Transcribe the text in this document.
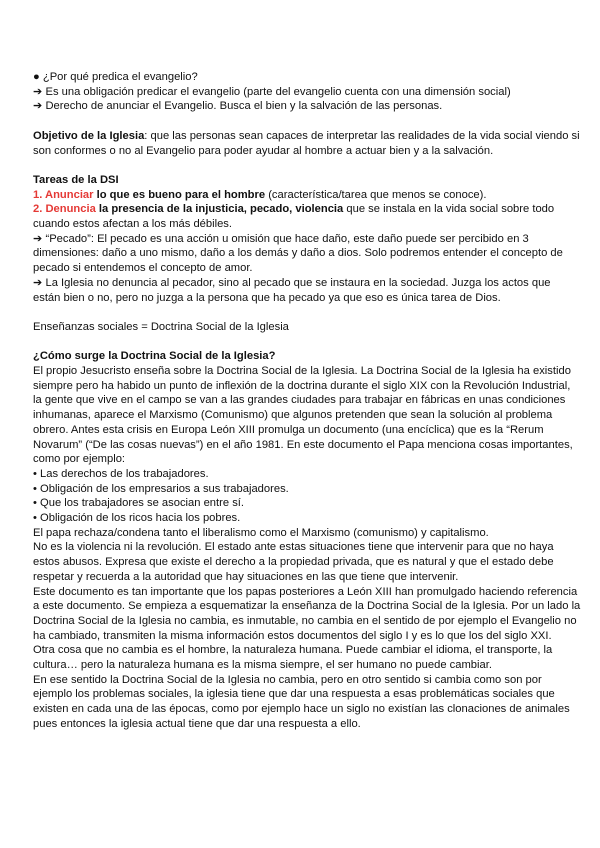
● ¿Por qué predica el evangelio?
➔ Es una obligación predicar el evangelio (parte del evangelio cuenta con una dimensión social)
➔ Derecho de anunciar el Evangelio. Busca el bien y la salvación de las personas.
Objetivo de la Iglesia: que las personas sean capaces de interpretar las realidades de la vida social viendo si
son conformes o no al Evangelio para poder ayudar al hombre a actuar bien y a la salvación.
Tareas de la DSI
1. Anunciar lo que es bueno para el hombre (característica/tarea que menos se conoce).
2. Denuncia la presencia de la injusticia, pecado, violencia que se instala en la vida social sobre todo
cuando estos afectan a los más débiles.
➔ “Pecado”: El pecado es una acción u omisión que hace daño, este daño puede ser percibido en 3
dimensiones: daño a uno mismo, daño a los demás y daño a dios. Solo podremos entender el concepto de
pecado si entendemos el concepto de amor.
➔ La Iglesia no denuncia al pecador, sino al pecado que se instaura en la sociedad. Juzga los actos que
están bien o no, pero no juzga a la persona que ha pecado ya que eso es única tarea de Dios.
Enseñanzas sociales = Doctrina Social de la Iglesia
¿Cómo surge la Doctrina Social de la Iglesia?
El propio Jesucristo enseña sobre la Doctrina Social de la Iglesia. La Doctrina Social de la Iglesia ha existido
siempre pero ha habido un punto de inflexión de la doctrina durante el siglo XIX con la Revolución Industrial,
la gente que vive en el campo se van a las grandes ciudades para trabajar en fábricas en unas condiciones
inhumanas, aparece el Marxismo (Comunismo) que algunos pretenden que sean la solución al problema
obrero. Antes esta crisis en Europa León XIII promulga un documento (una encíclica) que es la “Rerum
Novarum” (“De las cosas nuevas”) en el año 1981. En este documento el Papa menciona cosas importantes,
como por ejemplo:
• Las derechos de los trabajadores.
• Obligación de los empresarios a sus trabajadores.
• Que los trabajadores se asocian entre sí.
• Obligación de los ricos hacia los pobres.
El papa rechaza/condena tanto el liberalismo como el Marxismo (comunismo) y capitalismo.
No es la violencia ni la revolución. El estado ante estas situaciones tiene que intervenir para que no haya
estos abusos. Expresa que existe el derecho a la propiedad privada, que es natural y que el estado debe
respetar y recuerda a la autoridad que hay situaciones en las que tiene que intervenir.
Este documento es tan importante que los papas posteriores a León XIII han promulgado haciendo referencia
a este documento. Se empieza a esquematizar la enseñanza de la Doctrina Social de la Iglesia. Por un lado la
Doctrina Social de la Iglesia no cambia, es inmutable, no cambia en el sentido de por ejemplo el Evangelio no
ha cambiado, transmiten la misma información estos documentos del siglo I y es lo que los del siglo XXI.
Otra cosa que no cambia es el hombre, la naturaleza humana. Puede cambiar el idioma, el transporte, la
cultura… pero la naturaleza humana es la misma siempre, el ser humano no puede cambiar.
En ese sentido la Doctrina Social de la Iglesia no cambia, pero en otro sentido si cambia como son por
ejemplo los problemas sociales, la iglesia tiene que dar una respuesta a esas problemáticas sociales que
existen en cada una de las épocas, como por ejemplo hace un siglo no existían las clonaciones de animales
pues entonces la iglesia actual tiene que dar una respuesta a ello.
